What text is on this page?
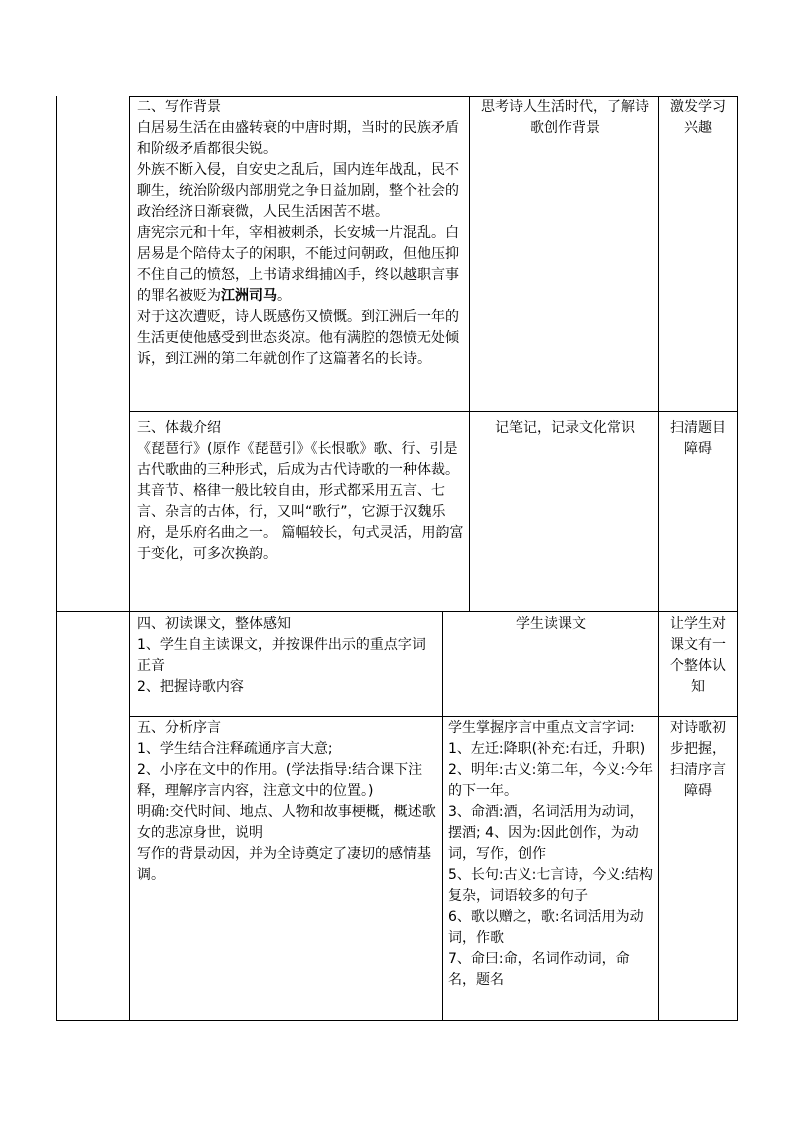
二、写作背景

白居易生活在由盛转衰的中唐时期，当时的民族矛盾和阶级矛盾都很尖锐。

外族不断入侵，自安史之乱后，国内连年战乱，民不聊生，统治阶级内部朋党之争日益加剧，整个社会的政治经济日渐衰微，人民生活困苦不堪。

唐宪宗元和十年，宰相被刺杀，长安城一片混乱。白居易是个陪侍太子的闲职，不能过问朝政，但他压抑不住自己的愤怒，上书请求缉捕凶手，终以越职言事的罪名被贬为江洲司马。

对于这次遭贬，诗人既感伤又愤慨。到江洲后一年的生活更使他感受到世态炎凉。他有满腔的怨愤无处倾诉，到江洲的第二年就创作了这篇著名的长诗。

思考诗人生活时代，了解诗歌创作背景

激发学习兴趣

三、体裁介绍

《琵琶行》(原作《琵琶引》《长恨歌》歌、行、引是古代歌曲的三种形式，后成为古代诗歌的一种体裁。

其音节、格律一般比较自由，形式都采用五言、七言、杂言的古体，行，又叫“歌行”，它源于汉魏乐府，是乐府名曲之一。 篇幅较长，句式灵活，用韵富于变化，可多次换韵。

记笔记，记录文化常识	扫清题目障碍

四、初读课文，整体感知

1、学生自主读课文，并按课件出示的重点字词正音

2、把握诗歌内容

学生读课文	让学生对课文有一个整体认知

五、分析序言

1、学生结合注释疏通序言大意;

2、小序在文中的作用。(学法指导:结合课下注释，理解序言内容，注意文中的位置。)

明确:交代时间、地点、人物和故事梗概，概述歌女的悲凉身世，说明

写作的背景动因，并为全诗奠定了凄切的感情基调。

学生掌握序言中重点文言字词:

1、左迁:降职(补充:右迁，升职) 2、明年:古义:第二年，今义:今年的下一年。

3、命酒:酒，名词活用为动词，摆酒; 4、因为:因此创作，为动词，写作，创作

5、长句:古义:七言诗，今义:结构复杂，词语较多的句子

6、歌以赠之，歌:名词活用为动词，作歌

7、命曰:命，名词作动词，命名，题名

对诗歌初步把握，扫清序言障碍
